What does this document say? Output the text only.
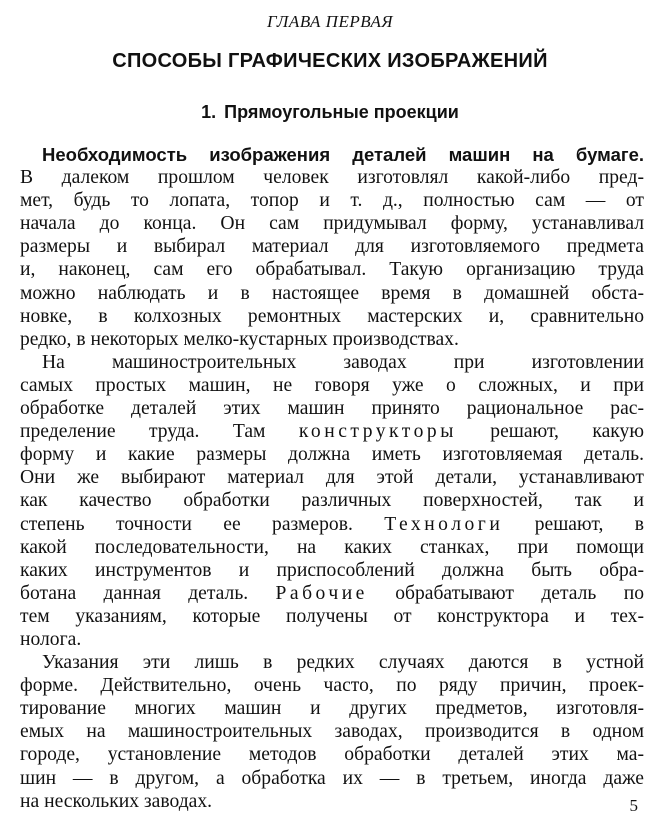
ГЛАВА ПЕРВАЯ
СПОСОБЫ ГРАФИЧЕСКИХ ИЗОБРАЖЕНИЙ
1. Прямоугольные проекции
Необходимость изображения деталей машин на бумаге.
В далеком прошлом человек изготовлял какой-либо пред-
мет, будь то лопата, топор и т. д., полностью сам — от
начала до конца. Он сам придумывал форму, устанавливал
размеры и выбирал материал для изготовляемого предмета
и, наконец, сам его обрабатывал. Такую организацию труда
можно наблюдать и в настоящее время в домашней обста-
новке, в колхозных ремонтных мастерских и, сравнительно
редко, в некоторых мелко-кустарных производствах.
На машиностроительных заводах при изготовлении
самых простых машин, не говоря уже о сложных, и при
обработке деталей этих машин принято рациональное рас-
пределение труда. Там конструкторы решают, какую
форму и какие размеры должна иметь изготовляемая деталь.
Они же выбирают материал для этой детали, устанавливают
как качество обработки различных поверхностей, так и
степень точности ее размеров. Технологи решают, в
какой последовательности, на каких станках, при помощи
каких инструментов и приспособлений должна быть обра-
ботана данная деталь. Рабочие обрабатывают деталь по
тем указаниям, которые получены от конструктора и тех-
нолога.
Указания эти лишь в редких случаях даются в устной
форме. Действительно, очень часто, по ряду причин, проек-
тирование многих машин и других предметов, изготовля-
емых на машиностроительных заводах, производится в одном
городе, установление методов обработки деталей этих ма-
шин — в другом, а обработка их — в третьем, иногда даже
на нескольких заводах.	5
